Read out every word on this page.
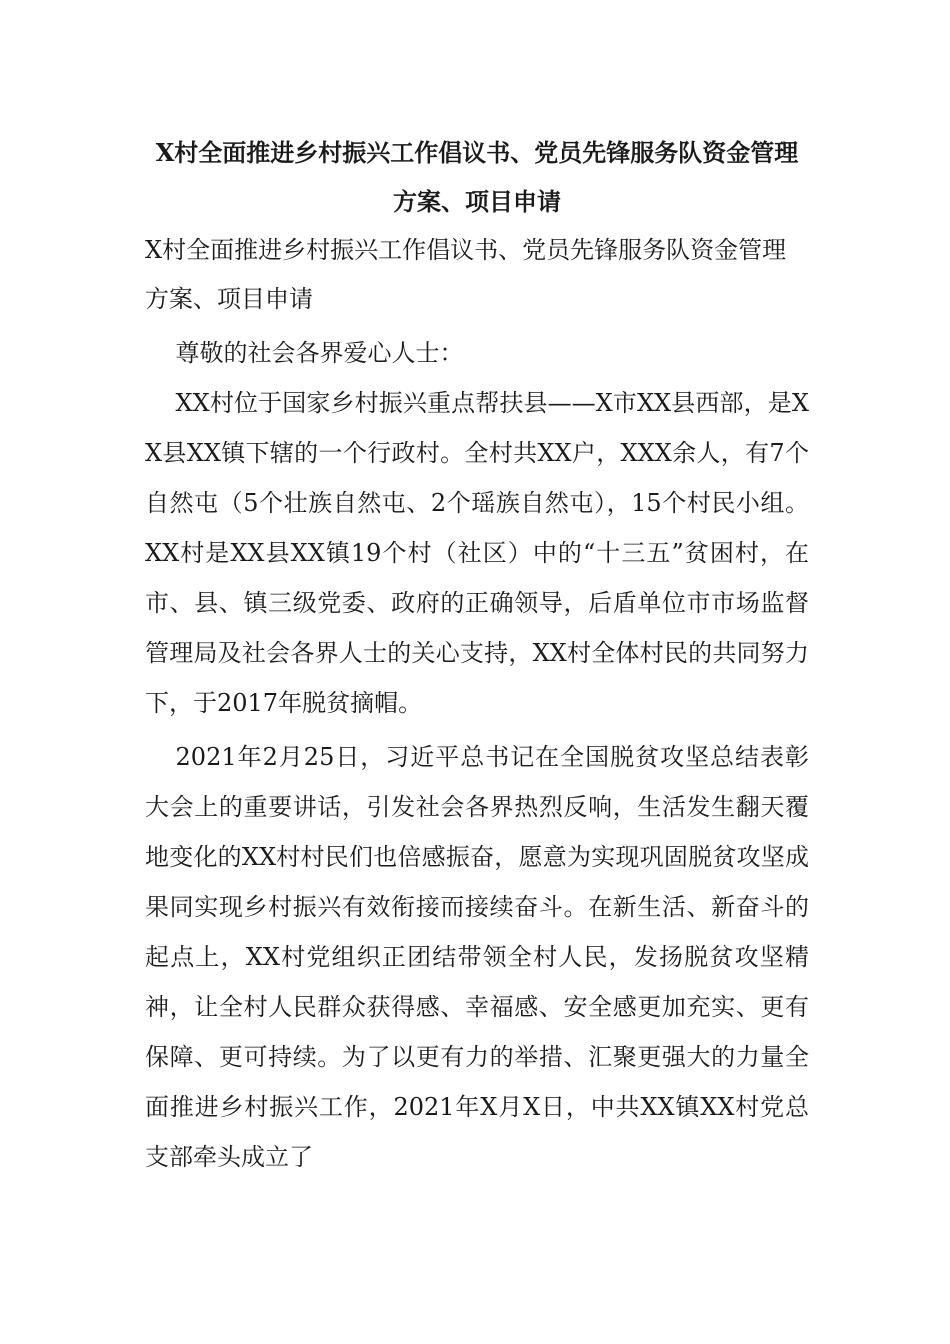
X村全面推进乡村振兴工作倡议书、党员先锋服务队资金管理方案、项目申请

X村全面推进乡村振兴工作倡议书、党员先锋服务队资金管理方案、项目申请

尊敬的社会各界爱心人士：

XX村位于国家乡村振兴重点帮扶县——X市XX县西部，是XX县XX镇下辖的一个行政村。全村共XX户，XXX余人，有7个自然屯（5个壮族自然屯、2个瑶族自然屯），15个村民小组。XX村是XX县XX镇19个村（社区）中的“十三五”贫困村，在市、县、镇三级党委、政府的正确领导，后盾单位市市场监督管理局及社会各界人士的关心支持，XX村全体村民的共同努力下，于2017年脱贫摘帽。

2021年2月25日，习近平总书记在全国脱贫攻坚总结表彰大会上的重要讲话，引发社会各界热烈反响，生活发生翻天覆地变化的XX村村民们也倍感振奋，愿意为实现巩固脱贫攻坚成果同实现乡村振兴有效衔接而接续奋斗。在新生活、新奋斗的起点上，XX村党组织正团结带领全村人民，发扬脱贫攻坚精神，让全村人民群众获得感、幸福感、安全感更加充实、更有保障、更可持续。为了以更有力的举措、汇聚更强大的力量全面推进乡村振兴工作，2021年X月X日，中共XX镇XX村党总支部牵头成立了
